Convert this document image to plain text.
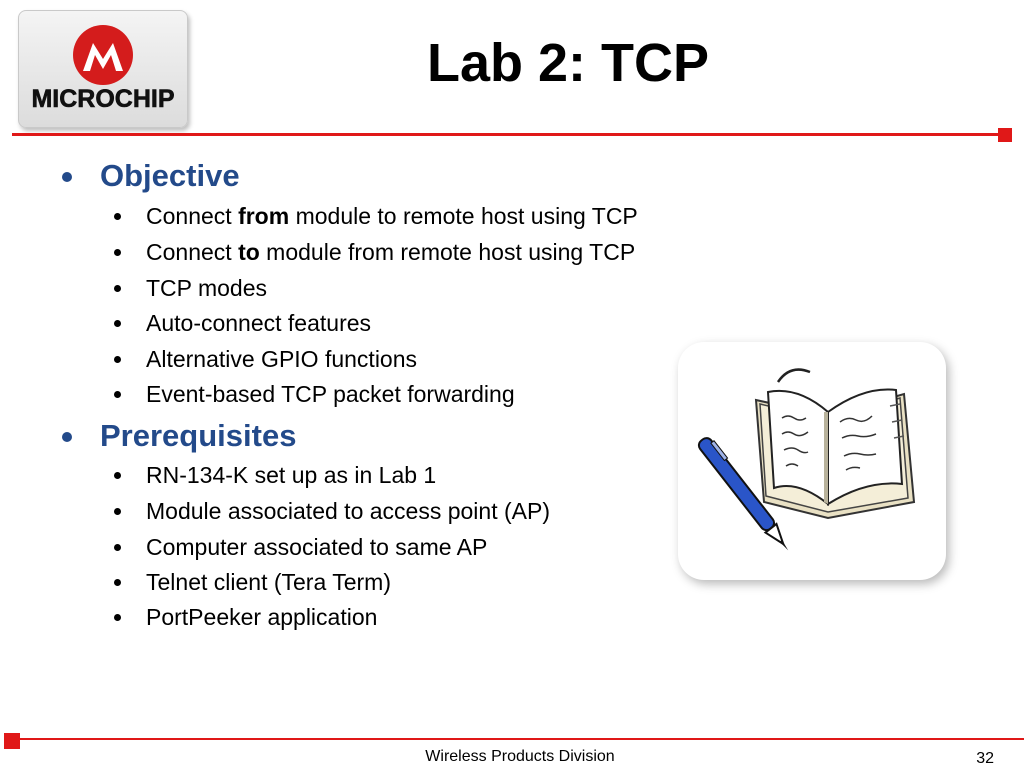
MICROCHIP
Lab 2: TCP
Objective
Connect from module to remote host using TCP
Connect to module from remote host using TCP
TCP modes
Auto-connect features
Alternative GPIO functions
Event-based TCP packet forwarding
Prerequisites
RN-134-K set up as in Lab 1
Module associated to access point (AP)
Computer associated to same AP
Telnet client (Tera Term)
PortPeeker application
Wireless Products Division	32
